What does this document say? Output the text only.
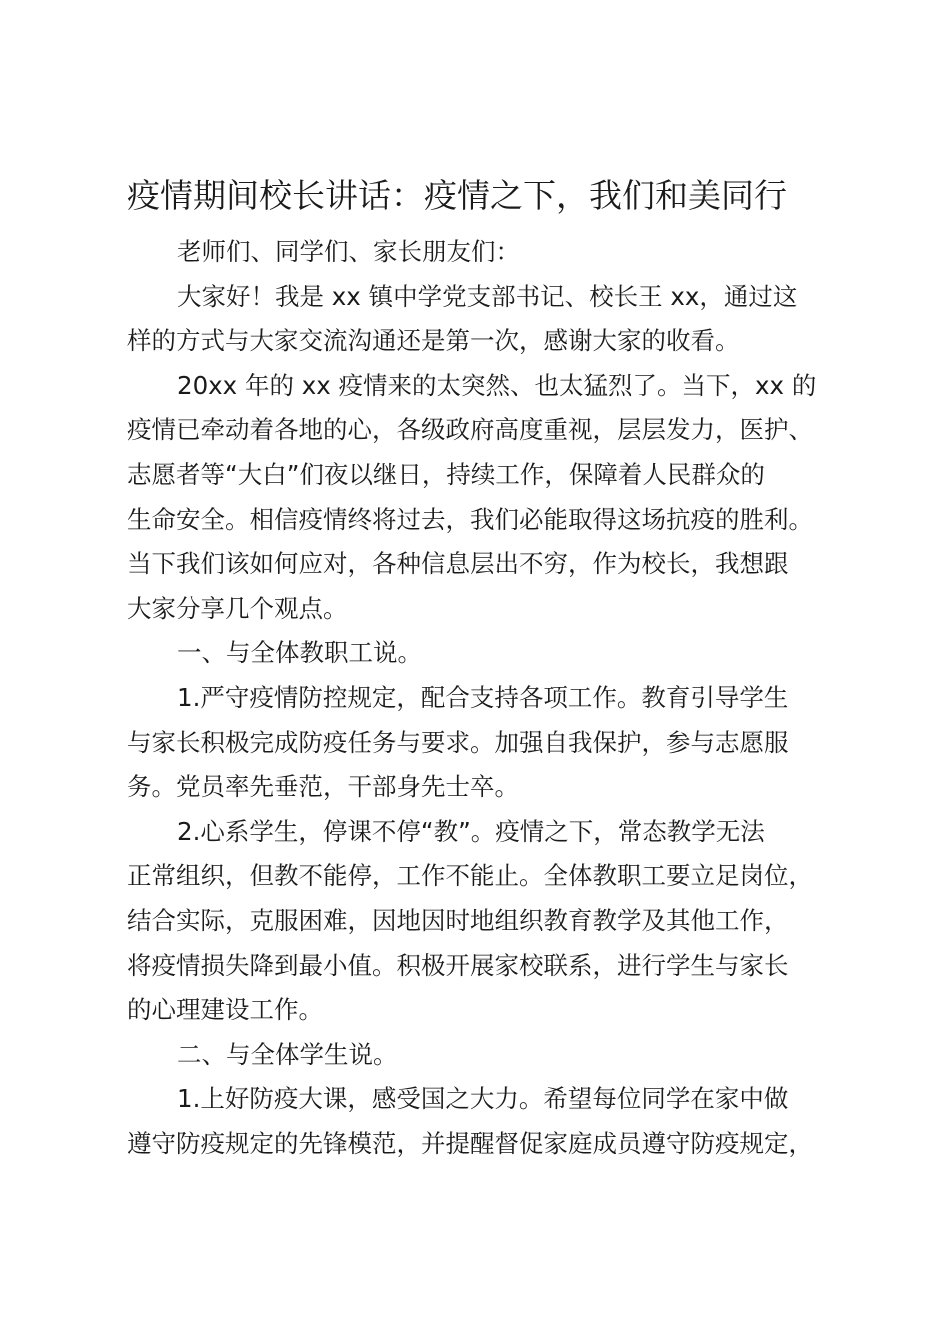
疫情期间校长讲话：疫情之下，我们和美同行
老师们、同学们、家长朋友们：
大家好！我是 xx 镇中学党支部书记、校长王 xx，通过这
样的方式与大家交流沟通还是第一次，感谢大家的收看。
20xx 年的 xx 疫情来的太突然、也太猛烈了。当下，xx 的
疫情已牵动着各地的心，各级政府高度重视，层层发力，医护、
志愿者等“大白”们夜以继日，持续工作，保障着人民群众的
生命安全。相信疫情终将过去，我们必能取得这场抗疫的胜利。
当下我们该如何应对，各种信息层出不穷，作为校长，我想跟
大家分享几个观点。
一、与全体教职工说。
1.严守疫情防控规定，配合支持各项工作。教育引导学生
与家长积极完成防疫任务与要求。加强自我保护，参与志愿服
务。党员率先垂范，干部身先士卒。
2.心系学生，停课不停“教”。疫情之下，常态教学无法
正常组织，但教不能停，工作不能止。全体教职工要立足岗位，
结合实际，克服困难，因地因时地组织教育教学及其他工作，
将疫情损失降到最小值。积极开展家校联系，进行学生与家长
的心理建设工作。
二、与全体学生说。
1.上好防疫大课，感受国之大力。希望每位同学在家中做
遵守防疫规定的先锋模范，并提醒督促家庭成员遵守防疫规定，
